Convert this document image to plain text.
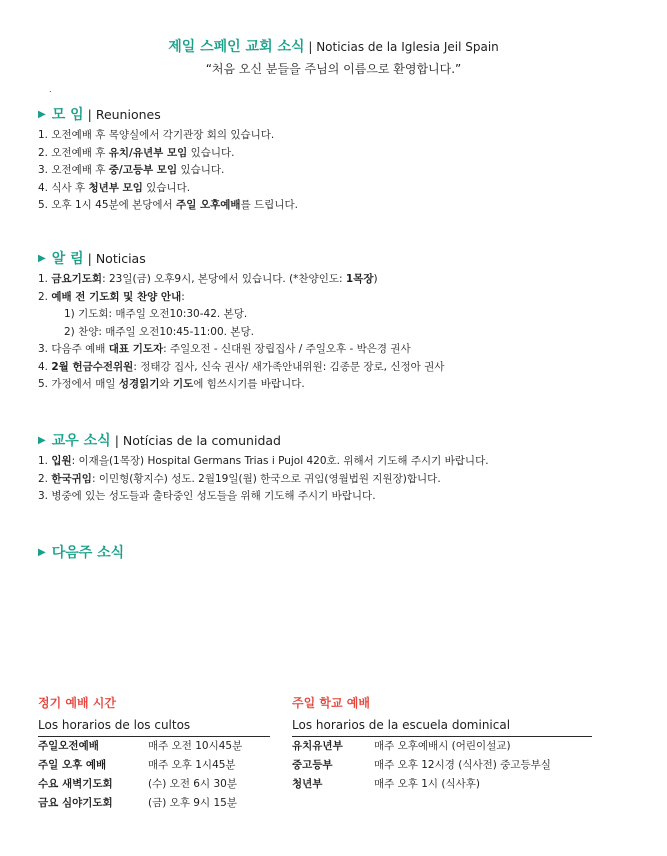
제일 스페인 교회 소식 | Noticias de la Iglesia Jeil Spain
“처음 오신 분들을 주님의 이름으로 환영합니다.”
.
▶ 모 임 | Reuniones
1. 오전예배 후 목양실에서 각기관장 회의 있습니다.
2. 오전예배 후 유치/유년부 모임 있습니다.
3. 오전예배 후 중/고등부 모임 있습니다.
4. 식사 후 청년부 모임 있습니다.
5. 오후 1시 45분에 본당에서 주일 오후예배를 드립니다.
▶ 알 림 | Noticias
1. 금요기도회: 23일(금) 오후9시, 본당에서 있습니다. (*찬양인도: 1목장)
2. 예배 전 기도회 및 찬양 안내:
1) 기도회: 매주일 오전10:30-42. 본당.
2) 찬양: 매주일 오전10:45-11:00. 본당.
3. 다음주 예배 대표 기도자: 주일오전 - 신대원 장립집사 / 주일오후 - 박은경 권사
4. 2월 헌금수전위원: 정태강 집사, 신숙 권사/ 새가족안내위원: 김종문 장로, 신정아 권사
5. 가정에서 매일 성경읽기와 기도에 힘쓰시기를 바랍니다.
▶ 교우 소식 | Notícias de la comunidad
1. 입원: 이재을(1목장) Hospital Germans Trias i Pujol 420호. 위해서 기도해 주시기 바랍니다.
2. 한국귀임: 이민형(황지수) 성도. 2월19일(월) 한국으로 귀임(영월법원 지원장)합니다.
3. 병중에 있는 성도들과 출타중인 성도들을 위해 기도해 주시기 바랍니다.
▶ 다음주 소식
정기 예배 시간
Los horarios de los cultos
주일오전예배	매주 오전 10시45분
주일 오후 예배	매주 오후 1시45분
수요 새벽기도회	(수) 오전 6시 30분
금요 심야기도회	(금) 오후 9시 15분
주일 학교 예배
Los horarios de la escuela dominical
유치유년부	매주 오후예배시 (어린이설교)
중고등부	매주 오후 12시경 (식사전) 중고등부실
청년부	매주 오후 1시 (식사후)
